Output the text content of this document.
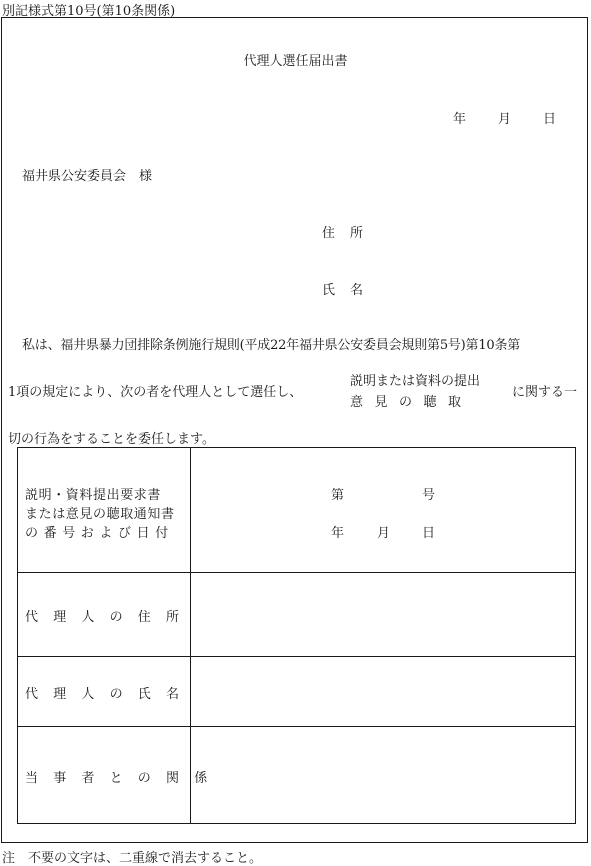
別記様式第10号(第10条関係)
代理人選任届出書
年 月 日
福井県公安委員会　様
住 所
氏 名
私は、福井県暴力団排除条例施行規則(平成22年福井県公安委員会規則第5号)第10条第
1項の規定により、次の者を代理人として選任し、
説明または資料の提出
意見の聴取
に関する一
切の行為をすることを委任します。
説明・資料提出要求書
または意見の聴取通知書
の番号および日付
第	号
年	月 日
代理人の住所
代理人の氏名
当事者との関係
注　不要の文字は、二重線で消去すること。
